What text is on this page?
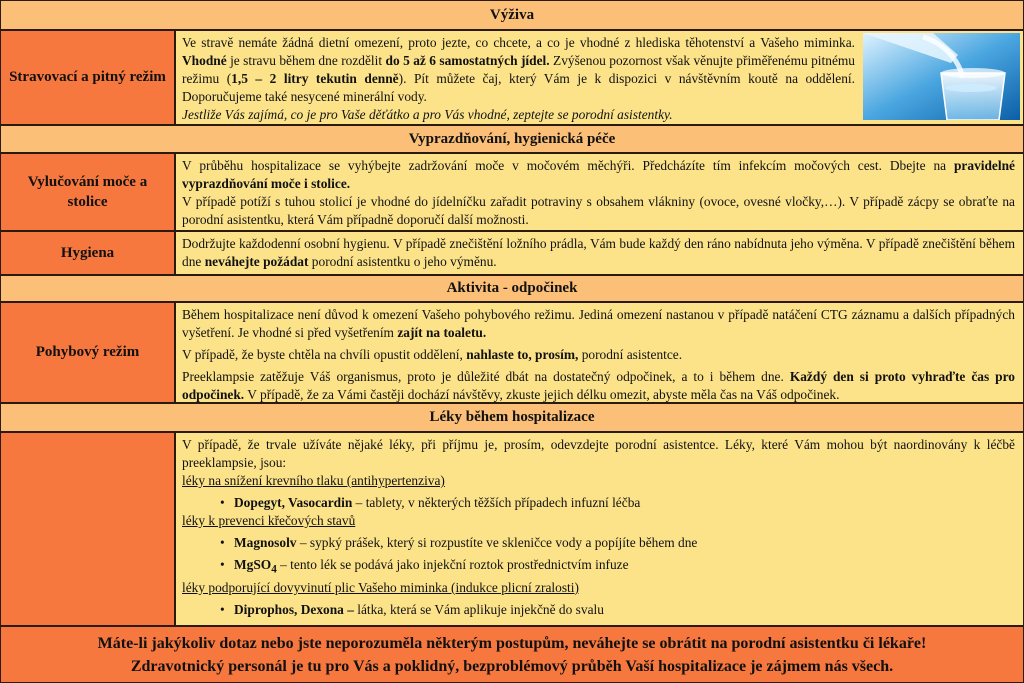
Výživa
Stravovací a pitný režim

Ve stravě nemáte žádná dietní omezení, proto jezte, co chcete, a co je vhodné z hlediska těhotenství a Vašeho miminka. Vhodné je stravu během dne rozdělit do 5 až 6 samostatných jídel. Zvýšenou pozornost však věnujte přiměřenému pitnému režimu (1,5 – 2 litry tekutin denně). Pít můžete čaj, který Vám je k dispozici v návštěvním koutě na oddělení. Doporučujeme také nesycené minerální vody.

Jestliže Vás zajímá, co je pro Vaše děťátko a pro Vás vhodné, zeptejte se porodní asistentky.

Vyprazdňování, hygienická péče
Vylučování moče a stolice

V průběhu hospitalizace se vyhýbejte zadržování moče v močovém měchýři. Předcházíte tím infekcím močových cest. Dbejte na pravidelné vyprazdňování moče i stolice.

V případě potíží s tuhou stolicí je vhodné do jídelníčku zařadit potraviny s obsahem vlákniny (ovoce, ovesné vločky,…). V případě zácpy se obraťte na porodní asistentku, která Vám případně doporučí další možnosti.

Hygiena

Dodržujte každodenní osobní hygienu. V případě znečištění ložního prádla, Vám bude každý den ráno nabídnuta jeho výměna. V případě znečištění během dne neváhejte požádat porodní asistentku o jeho výměnu.

Aktivita - odpočinek
Pohybový režim

Během hospitalizace není důvod k omezení Vašeho pohybového režimu. Jediná omezení nastanou v případě natáčení CTG záznamu a dalších případných vyšetření. Je vhodné si před vyšetřením zajít na toaletu.

V případě, že byste chtěla na chvíli opustit oddělení, nahlaste to, prosím, porodní asistentce.

Preeklampsie zatěžuje Váš organismus, proto je důležité dbát na dostatečný odpočinek, a to i během dne. Každý den si proto vyhraďte čas pro odpočinek. V případě, že za Vámi častěji dochází návštěvy, zkuste jejich délku omezit, abyste měla čas na Váš odpočinek.

Léky během hospitalizace

V případě, že trvale užíváte nějaké léky, při příjmu je, prosím, odevzdejte porodní asistentce. Léky, které Vám mohou být naordinovány k léčbě preeklampsie, jsou:

léky na snížení krevního tlaku (antihypertenziva)

• Dopegyt, Vasocardin – tablety, v některých těžších případech infuzní léčba

léky k prevenci křečových stavů

• Magnosolv – sypký prášek, který si rozpustíte ve skleničce vody a popíjíte během dne
• MgSO$_4$ – tento lék se podává jako injekční roztok prostřednictvím infuze

léky podporující dovyvinutí plic Vašeho miminka (indukce plicní zralosti)

• Diprophos, Dexona – látka, která se Vám aplikuje injekčně do svalu
Máte-li jakýkoliv dotaz nebo jste neporozuměla některým postupům, neváhejte se obrátit na porodní asistentku či lékaře!
Zdravotnický personál je tu pro Vás a poklidný, bezproblémový průběh Vaší hospitalizace je zájmem nás všech.
